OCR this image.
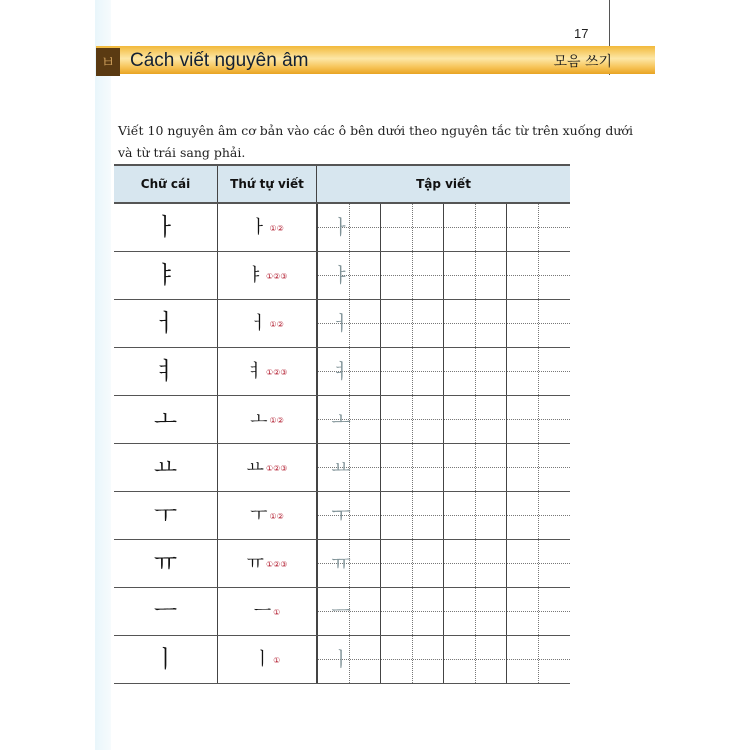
17
ㅂ Cách viết nguyên âm	모음 쓰기
Viết 10 nguyên âm cơ bản vào các ô bên dưới theo nguyên tắc từ trên xuống dưới và từ trái sang phải.
Chữ cái	Thứ tự viết	Tập viết
ㅏ	ㅏ ①②	ㅏ
ㅑ	ㅑ ①②③	ㅑ
ㅓ	ㅓ ①②	ㅓ
ㅕ	ㅕ ①②③	ㅕ
ㅗ	ㅗ ①②	ㅗ
ㅛ	ㅛ ①②③	ㅛ
ㅜ	ㅜ ①②	ㅜ
ㅠ	ㅠ ①②③	ㅠ
ㅡ	ㅡ ①	ㅡ
ㅣ	ㅣ ①	ㅣ
